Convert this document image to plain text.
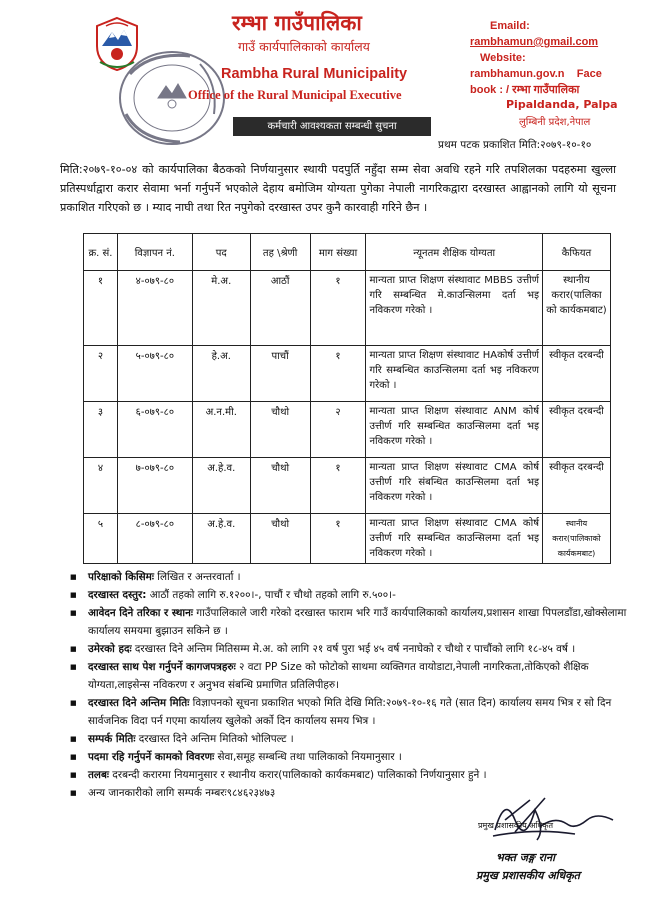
रम्भा गाउँपालिका
गाउँ कार्यपालिकाको कार्यालय
Rambha Rural Municipality
Office of the Rural Municipal Executive
कर्मचारी आवश्यकता सम्बन्धी सुचना
Emaild:
rambhamun@gmail.com
Website:
rambhamun.gov.n Face
book : / रम्भा गाउँपालिका
Pipaldanda, Palpa
लुम्बिनी प्रदेश,नेपाल
प्रथम पटक प्रकाशित मिति:२०७९-१०-१०
मिति:२०७९-१०-०४ को कार्यपालिका बैठकको निर्णयानुसार स्थायी पदपुर्ति नहुँदा सम्म सेवा अवधि रहने गरि तपशिलका पदहरुमा खुल्ला प्रतिस्पर्धाद्वारा करार सेवामा भर्ना गर्नुपर्ने भएकोले देहाय बमोजिम योग्यता पुगेका नेपाली नागरिकद्वारा दरखास्त आह्वानको लागि यो सूचना प्रकाशित गरिएको छ । म्याद नाघी तथा रित नपुगेको दरखास्त उपर कुनै कारवाही गरिने छैन ।
क्र. सं.	विज्ञापन नं.	पद	तह \श्रेणी	माग संख्या	न्यूनतम शैक्षिक योग्यता	कैफियत
१	४-०७९-८०	मे.अ.	आठौं	१	मान्यता प्राप्त शिक्षण संस्थावाट MBBS उत्तीर्ण गरि सम्बन्धित मे.काउन्सिलमा दर्ता भइ नविकरण गरेको ।	स्थानीय करार(पालिका को कार्यकमबाट)
२	५-०७९-८०	हे.अ.	पाचौं	१	मान्यता प्राप्त शिक्षण संस्थावाट HAकोर्ष उत्तीर्ण गरि सम्बन्धित काउन्सिलमा दर्ता भइ नविकरण गरेको ।	स्वीकृत दरबन्दी
३	६-०७९-८०	अ.न.मी.	चौथो	२	मान्यता प्राप्त शिक्षण संस्थावाट ANM कोर्ष उत्तीर्ण गरि सम्बन्धित काउन्सिलमा दर्ता भइ नविकरण गरेको ।	स्वीकृत दरबन्दी
४	७-०७९-८०	अ.हे.व.	चौथो	१	मान्यता प्राप्त शिक्षण संस्थावाट CMA कोर्ष उत्तीर्ण गरि संबन्धित काउन्सिलमा दर्ता भइ नविकरण गरेको ।	स्वीकृत दरबन्दी
५	८-०७९-८०	अ.हे.व.	चौथो	१	मान्यता प्राप्त शिक्षण संस्थावाट CMA कोर्ष उत्तीर्ण गरि सम्बन्धित काउन्सिलमा दर्ता भइ नविकरण गरेको ।	स्थानीय करार(पालिकाको कार्यकमबाट)
■ परिक्षाको किसिमः लिखित र अन्तरवार्ता ।
■ दरखास्त दस्तुर: आठौं तहको लागि रु.१२००।-, पाचौं र चौथो तहको लागि रु.५००।-
■ आवेदन दिने तरिका र स्थानः गाउँपालिकाले जारी गरेको दरखास्त फाराम भरि गाउँ कार्यपालिकाको कार्यालय,प्रशासन शाखा पिपलडाँडा,खोक्सेलामा कार्यालय समयमा बुझाउन सकिने छ ।
■ उमेरको हदः दरखास्त दिने अन्तिम मितिसम्म मे.अ. को लागि २१ वर्ष पुरा भई ४५ वर्ष ननाघेको र चौथो र पाचौंको लागि १८-४५ वर्ष ।
■ दरखास्त साथ पेश गर्नुपर्ने कागजपत्रहरुः २ वटा PP Size को फोटोको साथमा व्यक्तिगत वायोडाटा,नेपाली नागरिकता,तोकिएको शैक्षिक योग्यता,लाइसेन्स नविकरण र अनुभव संबन्धि प्रमाणित प्रतिलिपीहरु।
■ दरखास्त दिने अन्तिम मितिः विज्ञापनको सूचना प्रकाशित भएको मिति देखि मिति:२०७९-१०-१६ गते (सात दिन) कार्यालय समय भित्र र सो दिन सार्वजनिक विदा पर्न गएमा कार्यालय खुलेको अर्को दिन कार्यालय समय भित्र ।
■ सम्पर्क मितिः दरखास्त दिने अन्तिम मितिको भोलिपल्ट ।
■ पदमा रहि गर्नुपर्ने कामको विवरणः सेवा,समूह सम्बन्धि तथा पालिकाको नियमानुसार ।
■ तलबः दरबन्दी करारमा नियमानुसार र स्थानीय करार(पालिकाको कार्यकमबाट) पालिकाको निर्णयानुसार हुने ।
■ अन्य जानकारीको लागि सम्पर्क नम्बरः९८४६२३४७३
प्रमुख प्रशासकीय अधिकृत
भक्त जङ्ग राना
प्रमुख प्रशासकीय अधिकृत
